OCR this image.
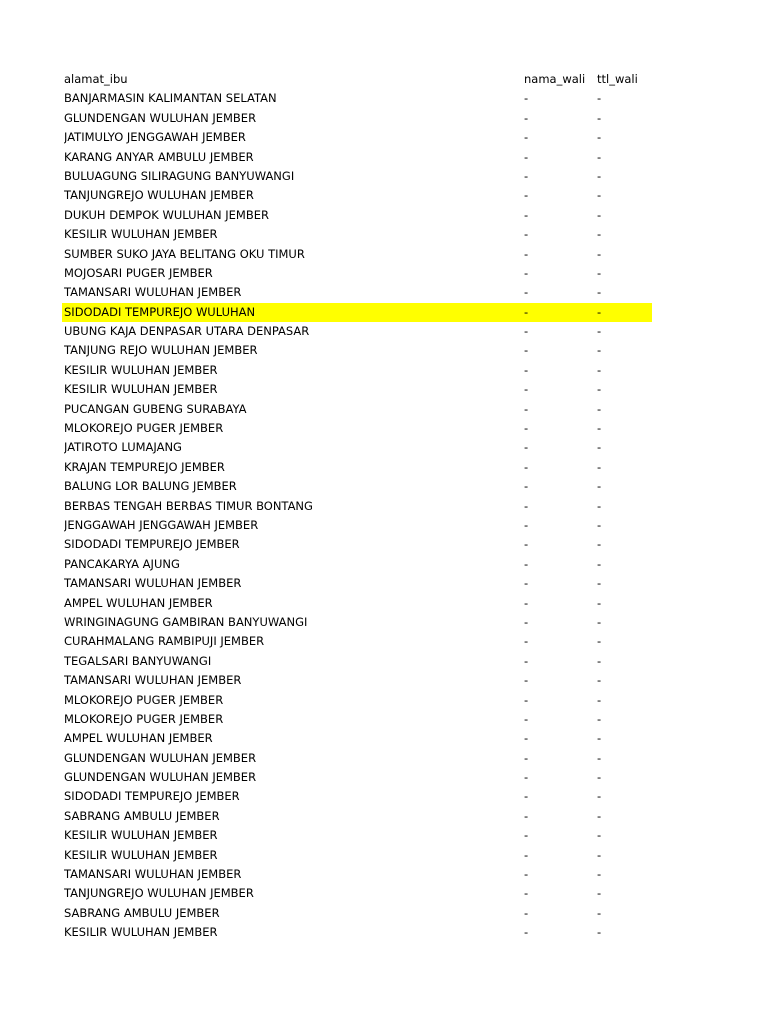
alamat_ibu	nama_wali	ttl_wali
BANJARMASIN KALIMANTAN SELATAN	-	-
GLUNDENGAN WULUHAN JEMBER	-	-
JATIMULYO JENGGAWAH JEMBER	-	-
KARANG ANYAR AMBULU JEMBER	-	-
BULUAGUNG SILIRAGUNG BANYUWANGI	-	-
TANJUNGREJO WULUHAN JEMBER	-	-
DUKUH DEMPOK WULUHAN JEMBER	-	-
KESILIR WULUHAN JEMBER	-	-
SUMBER SUKO JAYA BELITANG OKU TIMUR	-	-
MOJOSARI PUGER JEMBER	-	-
TAMANSARI WULUHAN JEMBER	-	-
SIDODADI TEMPUREJO WULUHAN	-	-
UBUNG KAJA DENPASAR UTARA DENPASAR	-	-
TANJUNG REJO WULUHAN JEMBER	-	-
KESILIR WULUHAN JEMBER	-	-
KESILIR WULUHAN JEMBER	-	-
PUCANGAN GUBENG SURABAYA	-	-
MLOKOREJO PUGER JEMBER	-	-
JATIROTO LUMAJANG	-	-
KRAJAN TEMPUREJO JEMBER	-	-
BALUNG LOR BALUNG JEMBER	-	-
BERBAS TENGAH BERBAS TIMUR BONTANG	-	-
JENGGAWAH JENGGAWAH JEMBER	-	-
SIDODADI TEMPUREJO JEMBER	-	-
PANCAKARYA AJUNG	-	-
TAMANSARI WULUHAN JEMBER	-	-
AMPEL WULUHAN JEMBER	-	-
WRINGINAGUNG GAMBIRAN BANYUWANGI	-	-
CURAHMALANG RAMBIPUJI JEMBER	-	-
TEGALSARI BANYUWANGI	-	-
TAMANSARI WULUHAN JEMBER	-	-
MLOKOREJO PUGER JEMBER	-	-
MLOKOREJO PUGER JEMBER	-	-
AMPEL WULUHAN JEMBER	-	-
GLUNDENGAN WULUHAN JEMBER	-	-
GLUNDENGAN WULUHAN JEMBER	-	-
SIDODADI TEMPUREJO JEMBER	-	-
SABRANG AMBULU JEMBER	-	-
KESILIR WULUHAN JEMBER	-	-
KESILIR WULUHAN JEMBER	-	-
TAMANSARI WULUHAN JEMBER	-	-
TANJUNGREJO WULUHAN JEMBER	-	-
SABRANG AMBULU JEMBER	-	-
KESILIR WULUHAN JEMBER	-	-
